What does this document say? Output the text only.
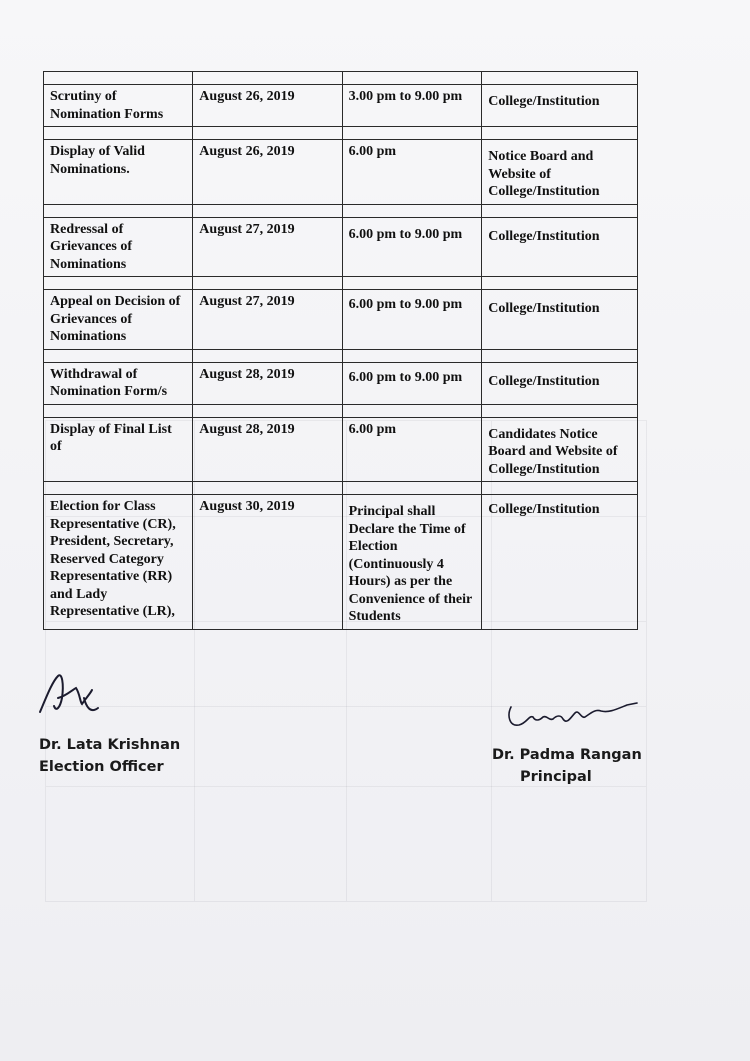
Scrutiny of Nomination Forms	August 26, 2019	3.00 pm to 9.00 pm	College/Institution

Display of Valid Nominations.	August 26, 2019	6.00 pm	Notice Board and Website of College/Institution

Redressal of Grievances of Nominations	August 27, 2019	6.00 pm to 9.00 pm	College/Institution

Appeal on Decision of Grievances of Nominations	August 27, 2019	6.00 pm to 9.00 pm	College/Institution

Withdrawal of Nomination Form/s	August 28, 2019	6.00 pm to 9.00 pm	College/Institution

Display of Final List of	August 28, 2019	6.00 pm	Candidates Notice Board and Website of College/Institution

Election for Class Representative (CR), President, Secretary, Reserved Category Representative (RR) and Lady Representative (LR),	August 30, 2019	Principal shall Declare the Time of Election (Continuously 4 Hours) as per the Convenience of their Students	College/Institution
Dr. Lata Krishnan
Election Officer
Dr. Padma Rangan
Principal
